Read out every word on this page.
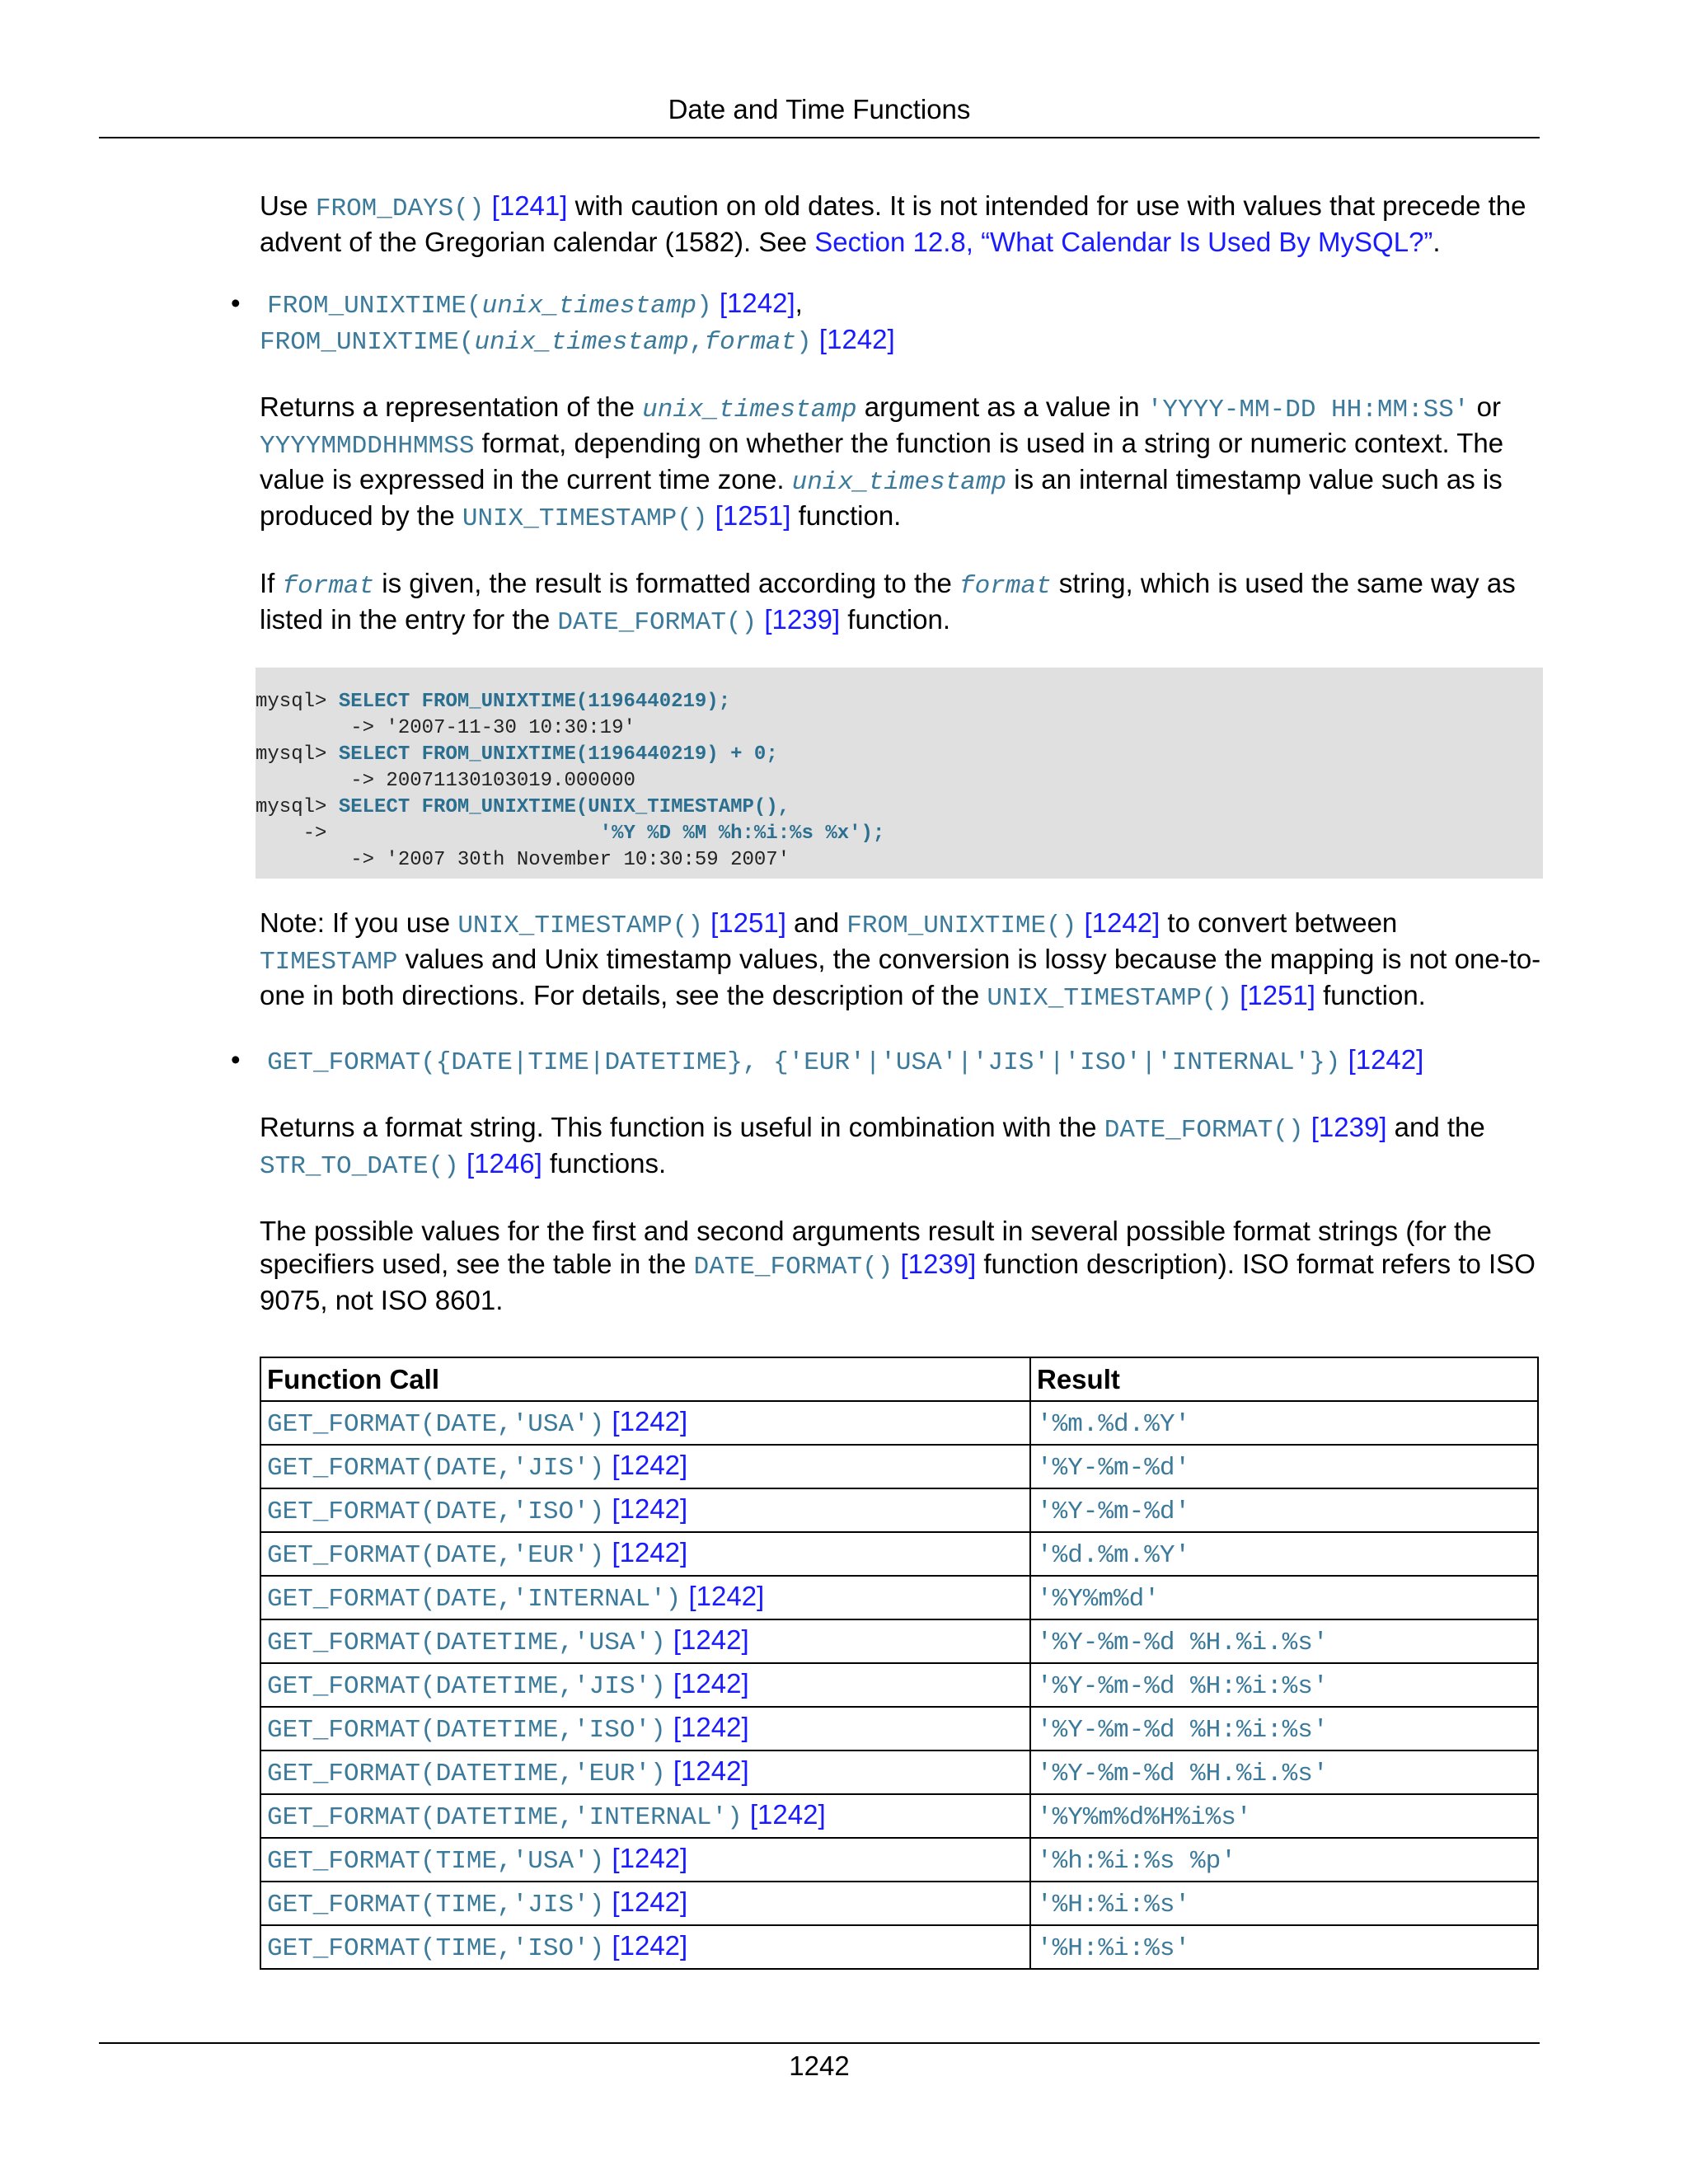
Date and Time Functions

Use FROM_DAYS() [1241] with caution on old dates. It is not intended for use with values that precede the advent of the Gregorian calendar (1582). See Section 12.8, “What Calendar Is Used By MySQL?”.

• FROM_UNIXTIME(unix_timestamp) [1242],
FROM_UNIXTIME(unix_timestamp,format) [1242]

Returns a representation of the unix_timestamp argument as a value in 'YYYY-MM-DD HH:MM:SS' or YYYYMMDDHHMMSS format, depending on whether the function is used in a string or numeric context. The value is expressed in the current time zone. unix_timestamp is an internal timestamp value such as is produced by the UNIX_TIMESTAMP() [1251] function.

If format is given, the result is formatted according to the format string, which is used the same way as listed in the entry for the DATE_FORMAT() [1239] function.

mysql> SELECT FROM_UNIXTIME(1196440219);
-> '2007-11-30 10:30:19'
mysql> SELECT FROM_UNIXTIME(1196440219) + 0;
-> 20071130103019.000000
mysql> SELECT FROM_UNIXTIME(UNIX_TIMESTAMP(),
->                       '%Y %D %M %h:%i:%s %x');
-> '2007 30th November 10:30:59 2007'

Note: If you use UNIX_TIMESTAMP() [1251] and FROM_UNIXTIME() [1242] to convert between TIMESTAMP values and Unix timestamp values, the conversion is lossy because the mapping is not one-to-one in both directions. For details, see the description of the UNIX_TIMESTAMP() [1251] function.

• GET_FORMAT({DATE|TIME|DATETIME}, {'EUR'|'USA'|'JIS'|'ISO'|'INTERNAL'}) [1242]

Returns a format string. This function is useful in combination with the DATE_FORMAT() [1239] and the STR_TO_DATE() [1246] functions.

The possible values for the first and second arguments result in several possible format strings (for the specifiers used, see the table in the DATE_FORMAT() [1239] function description). ISO format refers to ISO 9075, not ISO 8601.

Function Call	Result
GET_FORMAT(DATE,'USA') [1242]	'%m.%d.%Y'
GET_FORMAT(DATE,'JIS') [1242]	'%Y-%m-%d'
GET_FORMAT(DATE,'ISO') [1242]	'%Y-%m-%d'
GET_FORMAT(DATE,'EUR') [1242]	'%d.%m.%Y'
GET_FORMAT(DATE,'INTERNAL') [1242]	'%Y%m%d'
GET_FORMAT(DATETIME,'USA') [1242]	'%Y-%m-%d %H.%i.%s'
GET_FORMAT(DATETIME,'JIS') [1242]	'%Y-%m-%d %H:%i:%s'
GET_FORMAT(DATETIME,'ISO') [1242]	'%Y-%m-%d %H:%i:%s'
GET_FORMAT(DATETIME,'EUR') [1242]	'%Y-%m-%d %H.%i.%s'
GET_FORMAT(DATETIME,'INTERNAL') [1242]	'%Y%m%d%H%i%s'
GET_FORMAT(TIME,'USA') [1242]	'%h:%i:%s %p'
GET_FORMAT(TIME,'JIS') [1242]	'%H:%i:%s'
GET_FORMAT(TIME,'ISO') [1242]	'%H:%i:%s'
1242
